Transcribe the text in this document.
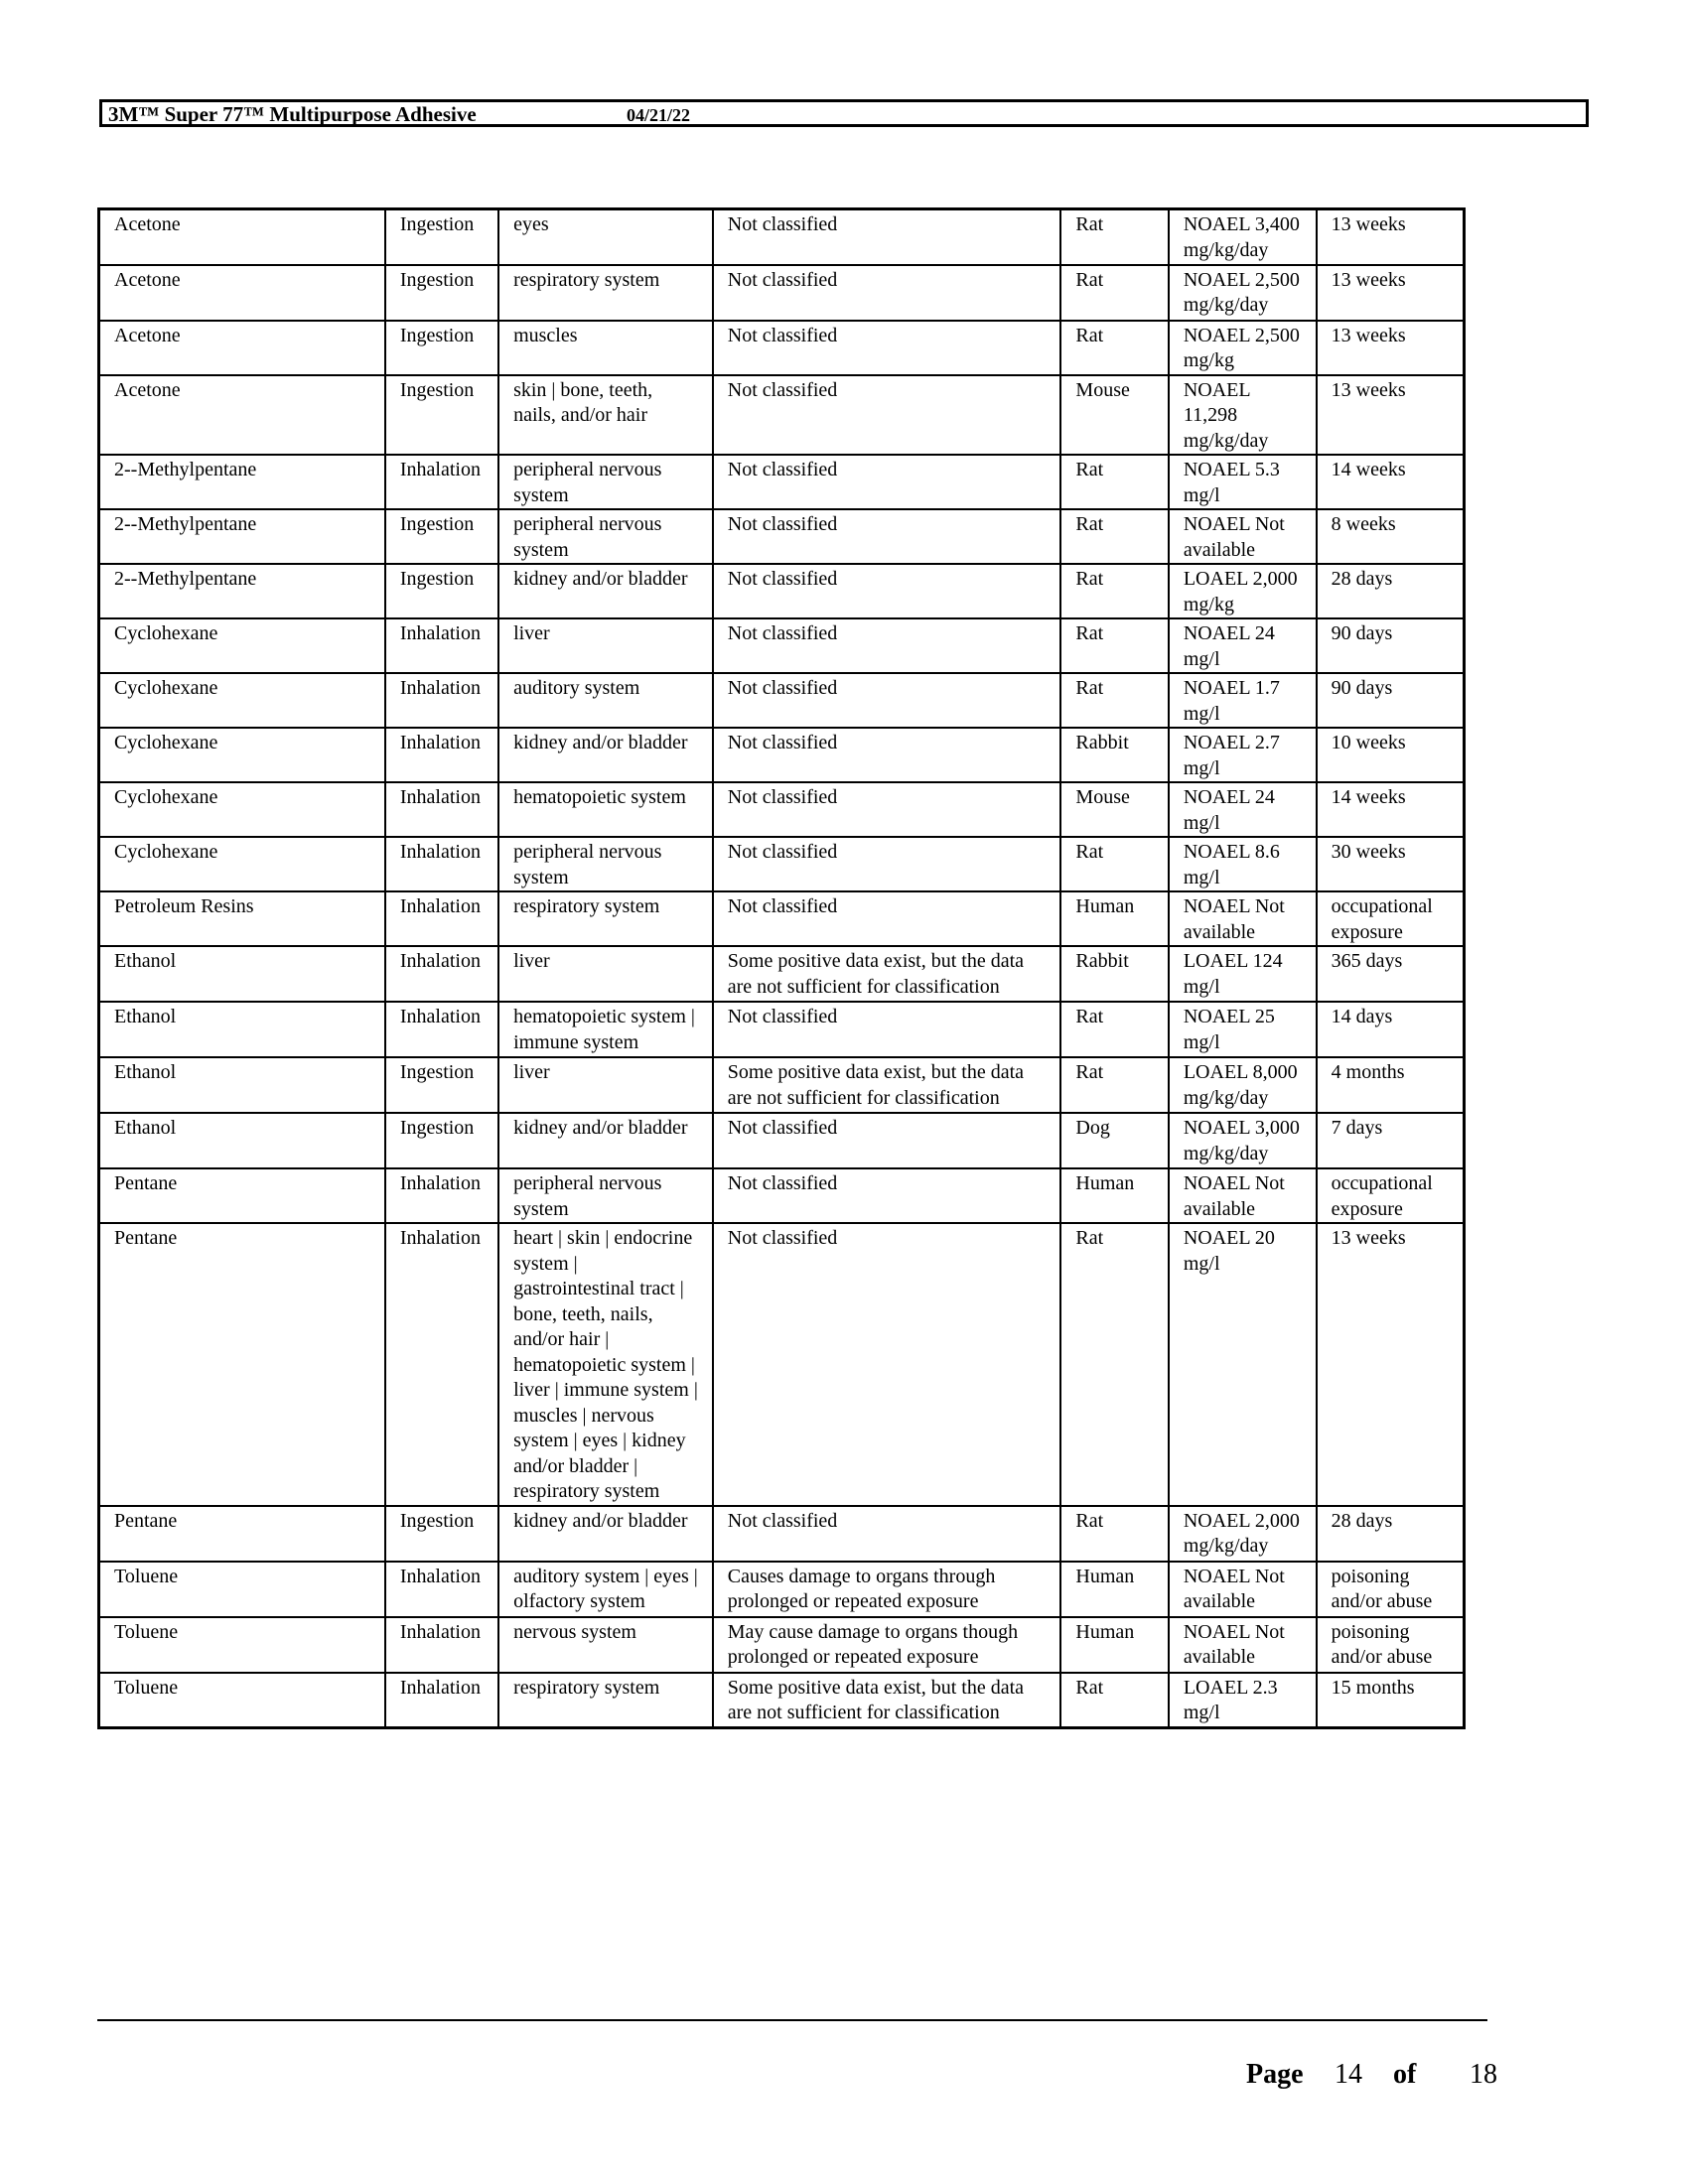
3M™ Super 77™ Multipurpose Adhesive	04/21/22
Acetone	Ingestion	eyes	Not classified	Rat	NOAEL 3,400 mg/kg/day	13 weeks
Acetone	Ingestion	respiratory system	Not classified	Rat	NOAEL 2,500 mg/kg/day	13 weeks
Acetone	Ingestion	muscles	Not classified	Rat	NOAEL 2,500 mg/kg	13 weeks
Acetone	Ingestion	skin | bone, teeth, nails, and/or hair	Not classified	Mouse	NOAEL 11,298 mg/kg/day	13 weeks
2--Methylpentane	Inhalation	peripheral nervous system	Not classified	Rat	NOAEL 5.3 mg/l	14 weeks
2--Methylpentane	Ingestion	peripheral nervous system	Not classified	Rat	NOAEL Not available	8 weeks
2--Methylpentane	Ingestion	kidney and/or bladder	Not classified	Rat	LOAEL 2,000 mg/kg	28 days
Cyclohexane	Inhalation	liver	Not classified	Rat	NOAEL 24 mg/l	90 days
Cyclohexane	Inhalation	auditory system	Not classified	Rat	NOAEL 1.7 mg/l	90 days
Cyclohexane	Inhalation	kidney and/or bladder	Not classified	Rabbit	NOAEL 2.7 mg/l	10 weeks
Cyclohexane	Inhalation	hematopoietic system	Not classified	Mouse	NOAEL 24 mg/l	14 weeks
Cyclohexane	Inhalation	peripheral nervous system	Not classified	Rat	NOAEL 8.6 mg/l	30 weeks
Petroleum Resins	Inhalation	respiratory system	Not classified	Human	NOAEL Not available	occupational exposure
Ethanol	Inhalation	liver	Some positive data exist, but the data are not sufficient for classification	Rabbit	LOAEL 124 mg/l	365 days
Ethanol	Inhalation	hematopoietic system | immune system	Not classified	Rat	NOAEL 25 mg/l	14 days
Ethanol	Ingestion	liver	Some positive data exist, but the data are not sufficient for classification	Rat	LOAEL 8,000 mg/kg/day	4 months
Ethanol	Ingestion	kidney and/or bladder	Not classified	Dog	NOAEL 3,000 mg/kg/day	7 days
Pentane	Inhalation	peripheral nervous system	Not classified	Human	NOAEL Not available	occupational exposure
Pentane	Inhalation	heart | skin | endocrine system | gastrointestinal tract | bone, teeth, nails, and/or hair | hematopoietic system | liver | immune system | muscles | nervous system | eyes | kidney and/or bladder | respiratory system	Not classified	Rat	NOAEL 20 mg/l	13 weeks
Pentane	Ingestion	kidney and/or bladder	Not classified	Rat	NOAEL 2,000 mg/kg/day	28 days
Toluene	Inhalation	auditory system | eyes | olfactory system	Causes damage to organs through prolonged or repeated exposure	Human	NOAEL Not available	poisoning and/or abuse
Toluene	Inhalation	nervous system	May cause damage to organs though prolonged or repeated exposure	Human	NOAEL Not available	poisoning and/or abuse
Toluene	Inhalation	respiratory system	Some positive data exist, but the data are not sufficient for classification	Rat	LOAEL 2.3 mg/l	15 months
Page 14 of 18
